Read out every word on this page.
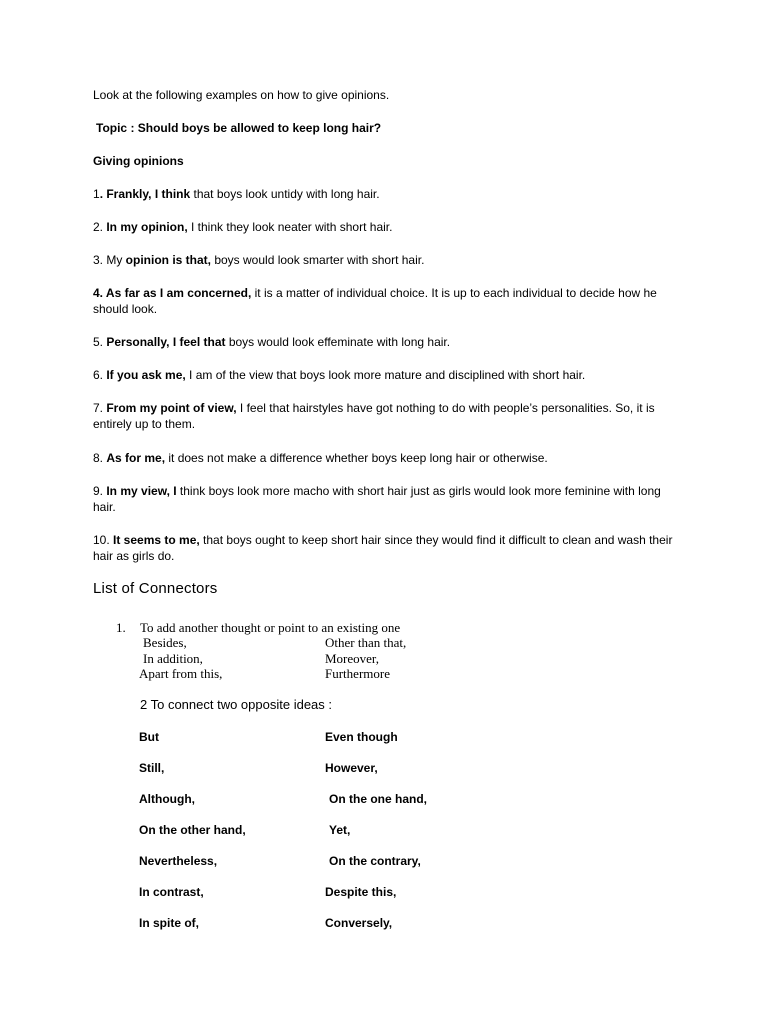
Look at the following examples on how to give opinions.

Topic : Should boys be allowed to keep long hair?

Giving opinions

1. Frankly, I think that boys look untidy with long hair.

2. In my opinion, I think they look neater with short hair.

3. My opinion is that, boys would look smarter with short hair.

4. As far as I am concerned, it is a matter of individual choice. It is up to each individual to decide how he should look.

5. Personally, I feel that boys would look effeminate with long hair.

6. If you ask me, I am of the view that boys look more mature and disciplined with short hair.

7. From my point of view, I feel that hairstyles have got nothing to do with people’s personalities. So, it is entirely up to them.

8. As for me, it does not make a difference whether boys keep long hair or otherwise.

9. In my view, I think boys look more macho with short hair just as girls would look more feminine with long hair.

10. It seems to me, that boys ought to keep short hair since they would find it difficult to clean and wash their hair as girls do.

List of Connectors

1. To add another thought or point to an existing one

Besides,

In addition,

Apart from this,

Other than that,

Moreover,

Furthermore

2 To connect two opposite ideas :

But

Still,

Although,

On the other hand,

Nevertheless,

In contrast,

In spite of,

Even though

However,

On the one hand,

Yet,

On the contrary,

Despite this,

Conversely,
